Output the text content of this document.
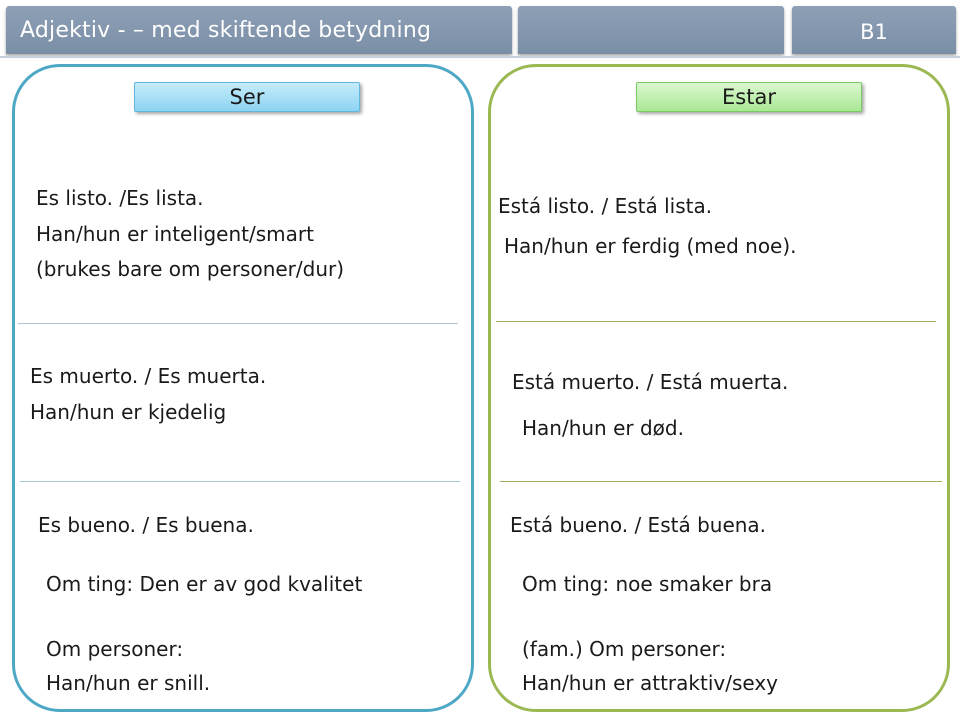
Adjektiv - – med skiftende betydning	B1
Ser	Estar
Es listo. /Es lista.
Han/hun er inteligent/smart
(brukes bare om personer/dur)
Es muerto. / Es muerta.
Han/hun er kjedelig
Es bueno. / Es buena.
Om ting: Den er av god kvalitet
Om personer:
Han/hun er snill.
Está listo. / Está lista.
Han/hun er ferdig (med noe).
Está muerto. / Está muerta.
Han/hun er død.
Está bueno. / Está buena.
Om ting: noe smaker bra
(fam.) Om personer:
Han/hun er attraktiv/sexy
